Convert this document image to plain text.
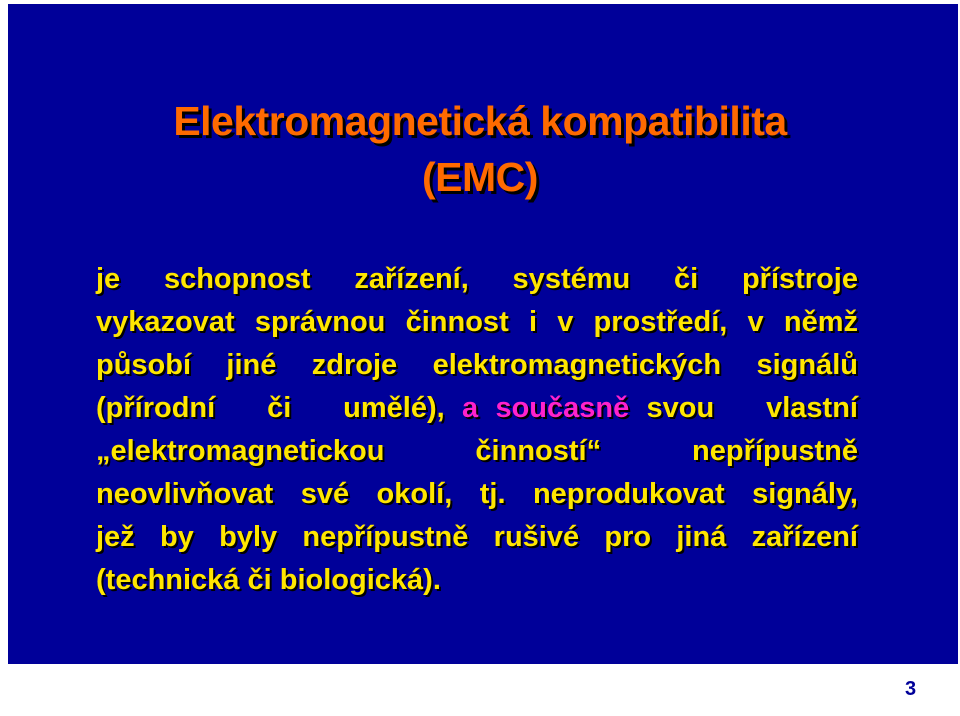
Elektromagnetická kompatibilita
(EMC)
je schopnost zařízení, systému či přístroje
vykazovat správnou činnost i v prostředí, v němž
působí jiné zdroje elektromagnetických signálů
(přírodní   či   umělé), a současně svou   vlastní
„elektromagnetickou činností“ nepřípustně
neovlivňovat své okolí, tj. neprodukovat signály,
jež by byly nepřípustně rušivé pro jiná zařízení
(technická či biologická).
3
